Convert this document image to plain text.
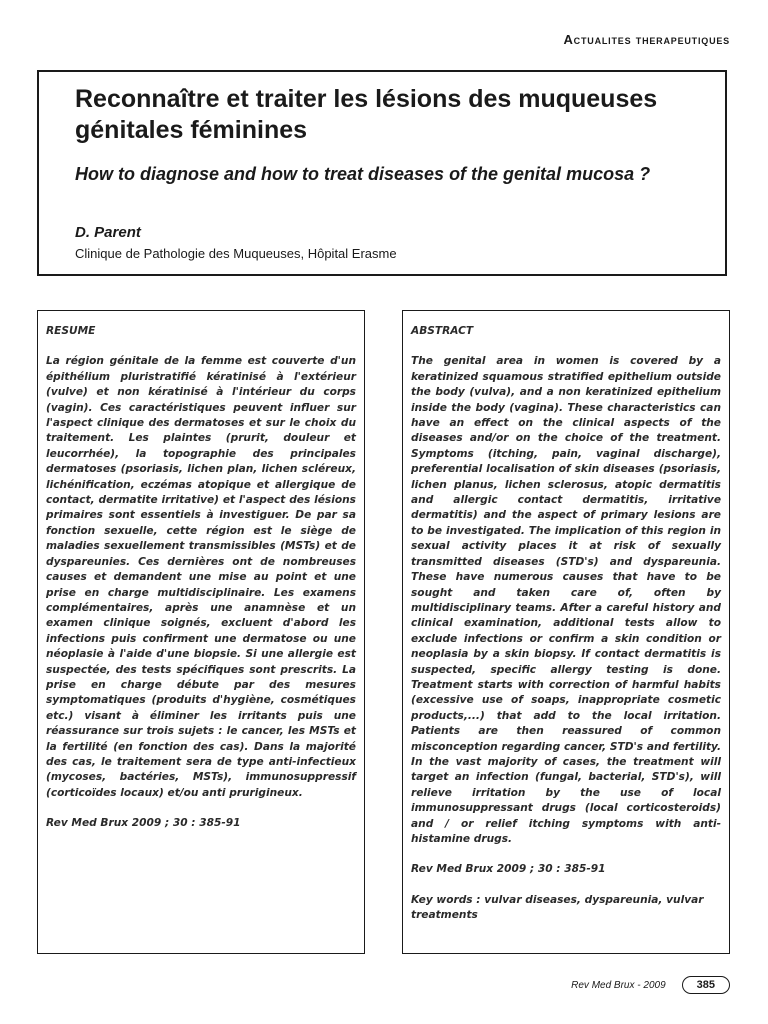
Actualites therapeutiques
Reconnaître et traiter les lésions des muqueuses génitales féminines
How to diagnose and how to treat diseases of the genital mucosa ?
D. Parent
Clinique de Pathologie des Muqueuses, Hôpital Erasme

RESUME

La région génitale de la femme est couverte d'un épithélium pluristratifié kératinisé à l'extérieur (vulve) et non kératinisé à l'intérieur du corps (vagin). Ces caractéristiques peuvent influer sur l'aspect clinique des dermatoses et sur le choix du traitement. Les plaintes (prurit, douleur et leucorrhée), la topographie des principales dermatoses (psoriasis, lichen plan, lichen scléreux, lichénification, eczémas atopique et allergique de contact, dermatite irritative) et l'aspect des lésions primaires sont essentiels à investiguer. De par sa fonction sexuelle, cette région est le siège de maladies sexuellement transmissibles (MSTs) et de dyspareunies. Ces dernières ont de nombreuses causes et demandent une mise au point et une prise en charge multidisciplinaire. Les examens complémentaires, après une anamnèse et un examen clinique soignés, excluent d'abord les infections puis confirment une dermatose ou une néoplasie à l'aide d'une biopsie. Si une allergie est suspectée, des tests spécifiques sont prescrits. La prise en charge débute par des mesures symptomatiques (produits d'hygiène, cosmétiques etc.) visant à éliminer les irritants puis une réassurance sur trois sujets : le cancer, les MSTs et la fertilité (en fonction des cas). Dans la majorité des cas, le traitement sera de type anti-infectieux (mycoses, bactéries, MSTs), immunosuppressif (corticoïdes locaux) et/ou anti prurigineux.

Rev Med Brux 2009 ; 30 : 385-91

ABSTRACT

The genital area in women is covered by a keratinized squamous stratified epithelium outside the body (vulva), and a non keratinized epithelium inside the body (vagina). These characteristics can have an effect on the clinical aspects of the diseases and/or on the choice of the treatment. Symptoms (itching, pain, vaginal discharge), preferential localisation of skin diseases (psoriasis, lichen planus, lichen sclerosus, atopic dermatitis and allergic contact dermatitis, irritative dermatitis) and the aspect of primary lesions are to be investigated. The implication of this region in sexual activity places it at risk of sexually transmitted diseases (STD's) and dyspareunia. These have numerous causes that have to be sought and taken care of, often by multidisciplinary teams. After a careful history and clinical examination, additional tests allow to exclude infections or confirm a skin condition or neoplasia by a skin biopsy. If contact dermatitis is suspected, specific allergy testing is done. Treatment starts with correction of harmful habits (excessive use of soaps, inappropriate cosmetic products,...) that add to the local irritation. Patients are then reassured of common misconception regarding cancer, STD's and fertility. In the vast majority of cases, the treatment will target an infection (fungal, bacterial, STD's), will relieve irritation by the use of local immunosuppressant drugs (local corticosteroids) and / or relief itching symptoms with anti-histamine drugs.

Rev Med Brux 2009 ; 30 : 385-91

Key words : vulvar diseases, dyspareunia, vulvar treatments

Rev Med Brux - 2009	385
